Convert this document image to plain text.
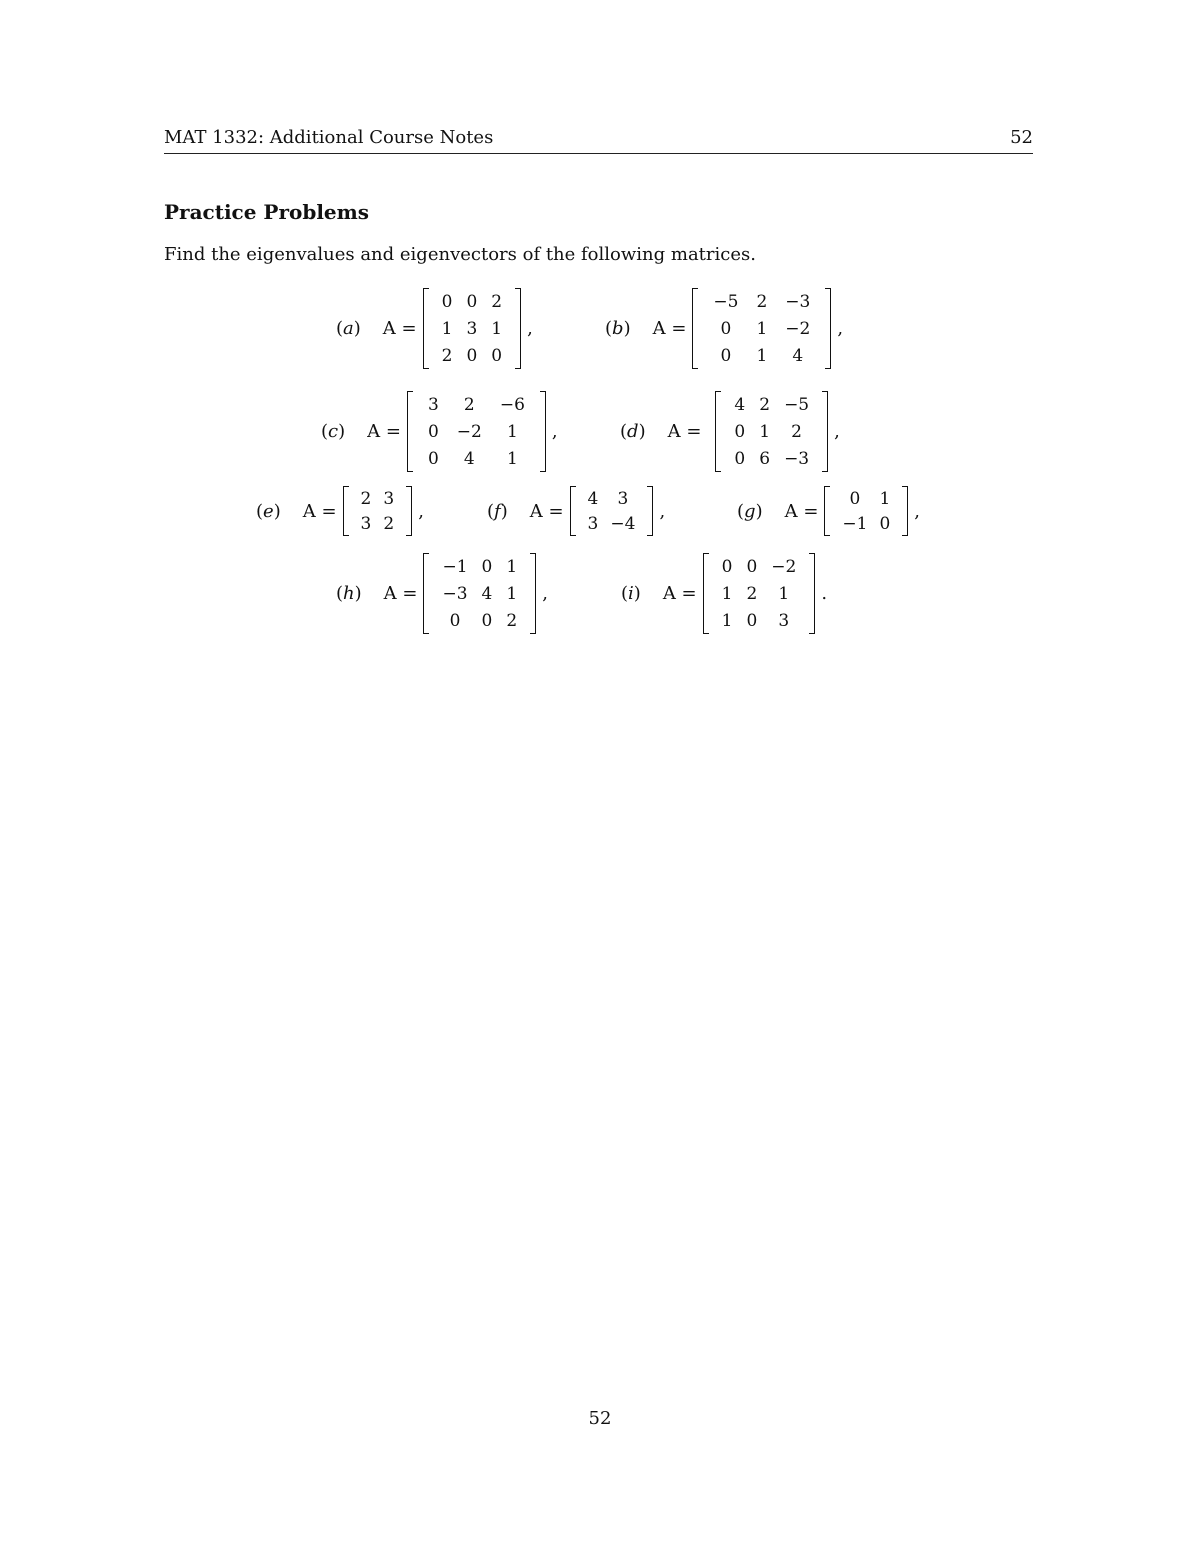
MAT 1332: Additional Course Notes	52
Practice Problems
Find the eigenvalues and eigenvectors of the following matrices.
(a) A =
0	0	2
1	3	1
2	0	0
,	(b) A =
−5	2	−3
0	1	−2
0	1	4
,
(c) A =
3	2	−6
0	−2	1
0	4	1
,	(d) A =
4	2	−5
0	1	2
0	6	−3
,
(e) A =
2	3
3	2
,	(f) A =
4	3
3	−4
,	(g) A =
0	1
−1	0
,
(h) A =
−1	0	1
−3	4	1
0	0	2
,	(i) A =
0	0	−2
1	2	1
1	0	3
.
52
